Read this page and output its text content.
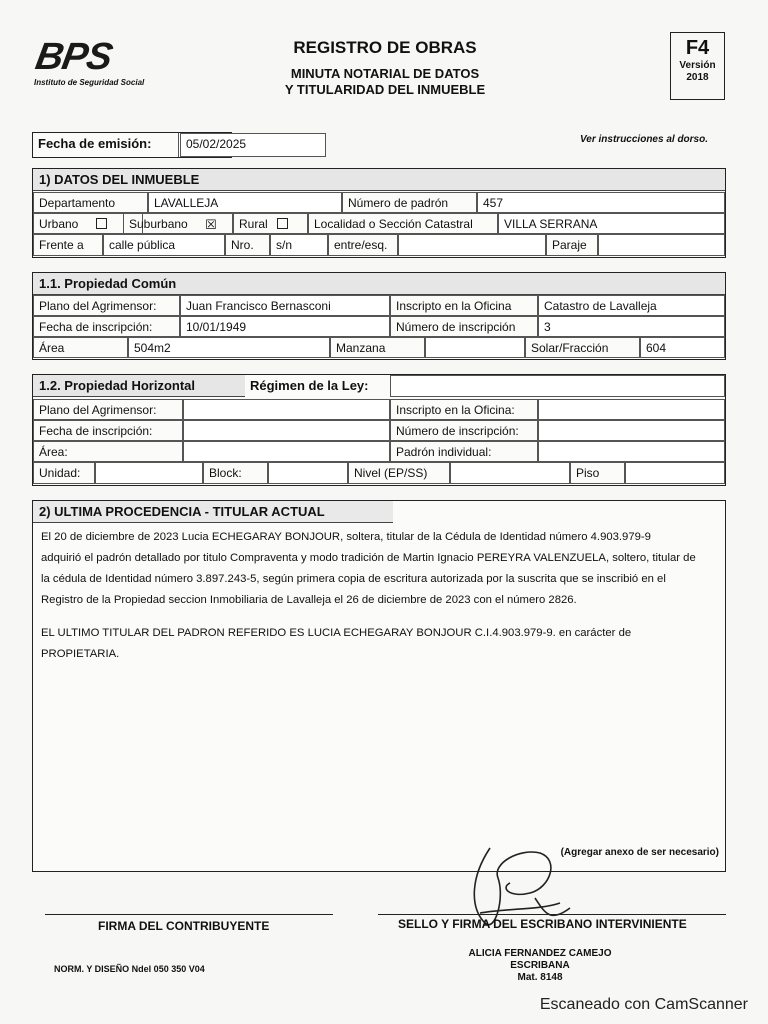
BPS
Instituto de Seguridad Social
REGISTRO DE OBRAS
MINUTA NOTARIAL DE DATOS
Y TITULARIDAD DEL INMUEBLE
F4
Versión
2018
Fecha de emisión:	05/02/2025	Ver instrucciones al dorso.
1) DATOS DEL INMUEBLE
Departamento	LAVALLEJA	Número de padrón	457
Urbano	Suburbano ☒	Rural	Localidad o Sección Catastral	VILLA SERRANA
Frente a	calle pública	Nro.	s/n	entre/esq.	Paraje
1.1. Propiedad Común
Plano del Agrimensor:	Juan Francisco Bernasconi	Inscripto en la Oficina	Catastro de Lavalleja
Fecha de inscripción:	10/01/1949	Número de inscripción	3
Área	504m2	Manzana	Solar/Fracción	604
1.2. Propiedad Horizontal	Régimen de la Ley:
Plano del Agrimensor:	Inscripto en la Oficina:
Fecha de inscripción:	Número de inscripción:
Área:	Padrón individual:
Unidad:	Block:	Nivel (EP/SS)	Piso
2) ULTIMA PROCEDENCIA - TITULAR ACTUAL
El 20 de diciembre de 2023 Lucia ECHEGARAY BONJOUR, soltera, titular de la Cédula de Identidad número 4.903.979-9
adquirió el padrón detallado por titulo Compraventa y modo tradición de Martin Ignacio PEREYRA VALENZUELA, soltero, titular de
la cédula de Identidad número 3.897.243-5, según primera copia de escritura autorizada por la suscrita que se inscribió en el
Registro de la Propiedad seccion Inmobiliaria de Lavalleja el 26 de diciembre de 2023 con el número 2826.
EL ULTIMO TITULAR DEL PADRON REFERIDO ES LUCIA ECHEGARAY BONJOUR C.I.4.903.979-9. en carácter de
PROPIETARIA.
(Agregar anexo de ser necesario)
FIRMA DEL CONTRIBUYENTE	SELLO Y FIRMA DEL ESCRIBANO INTERVINIENTE
ALICIA FERNANDEZ CAMEJO
ESCRIBANA
Mat. 8148
NORM. Y DISEÑO Ndel 050 350 V04
Escaneado con CamScanner
